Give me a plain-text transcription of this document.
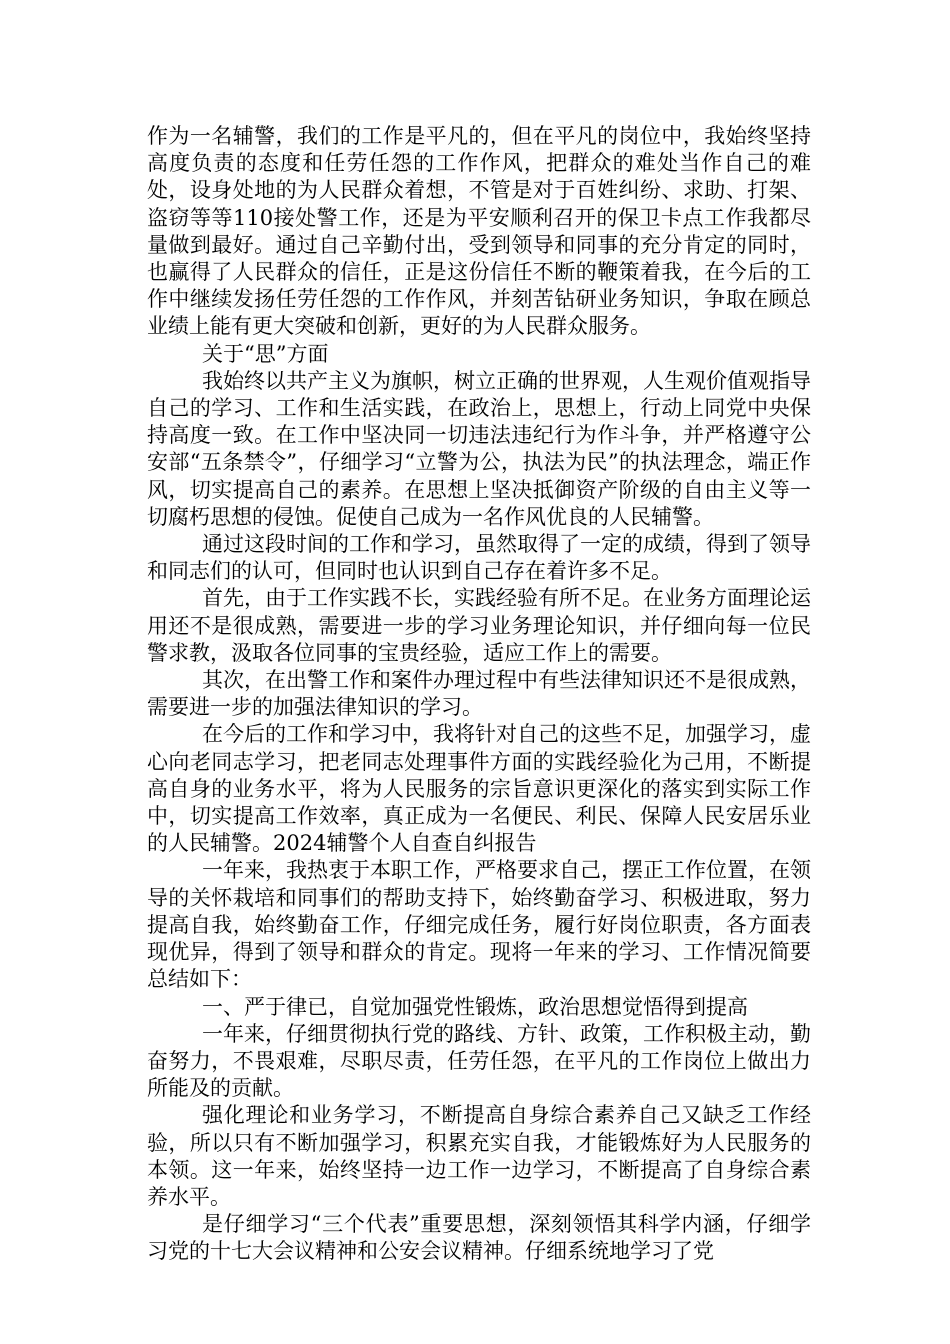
作为一名辅警，我们的工作是平凡的，但在平凡的岗位中，我始终坚持高度负责的态度和任劳任怨的工作作风，把群众的难处当作自己的难处，设身处地的为人民群众着想，不管是对于百姓纠纷、求助、打架、盗窃等等110接处警工作，还是为平安顺利召开的保卫卡点工作我都尽量做到最好。通过自己辛勤付出，受到领导和同事的充分肯定的同时，也赢得了人民群众的信任，正是这份信任不断的鞭策着我，在今后的工作中继续发扬任劳任怨的工作作风，并刻苦钻研业务知识，争取在顾总业绩上能有更大突破和创新，更好的为人民群众服务。

关于“思”方面

我始终以共产主义为旗帜，树立正确的世界观，人生观价值观指导自己的学习、工作和生活实践，在政治上，思想上，行动上同党中央保持高度一致。在工作中坚决同一切违法违纪行为作斗争，并严格遵守公安部“五条禁令”，仔细学习“立警为公，执法为民”的执法理念，端正作风，切实提高自己的素养。在思想上坚决抵御资产阶级的自由主义等一切腐朽思想的侵蚀。促使自己成为一名作风优良的人民辅警。

通过这段时间的工作和学习，虽然取得了一定的成绩，得到了领导和同志们的认可，但同时也认识到自己存在着许多不足。

首先，由于工作实践不长，实践经验有所不足。在业务方面理论运用还不是很成熟，需要进一步的学习业务理论知识，并仔细向每一位民警求教，汲取各位同事的宝贵经验，适应工作上的需要。

其次，在出警工作和案件办理过程中有些法律知识还不是很成熟，需要进一步的加强法律知识的学习。

在今后的工作和学习中，我将针对自己的这些不足，加强学习，虚心向老同志学习，把老同志处理事件方面的实践经验化为己用，不断提高自身的业务水平，将为人民服务的宗旨意识更深化的落实到实际工作中，切实提高工作效率，真正成为一名便民、利民、保障人民安居乐业的人民辅警。2024辅警个人自查自纠报告

一年来，我热衷于本职工作，严格要求自己，摆正工作位置，在领导的关怀栽培和同事们的帮助支持下，始终勤奋学习、积极进取，努力提高自我，始终勤奋工作，仔细完成任务，履行好岗位职责，各方面表现优异，得到了领导和群众的肯定。现将一年来的学习、工作情况简要总结如下：

一、严于律已，自觉加强党性锻炼，政治思想觉悟得到提高

一年来，仔细贯彻执行党的路线、方针、政策，工作积极主动，勤奋努力，不畏艰难，尽职尽责，任劳任怨，在平凡的工作岗位上做出力所能及的贡献。

强化理论和业务学习，不断提高自身综合素养自己又缺乏工作经验，所以只有不断加强学习，积累充实自我，才能锻炼好为人民服务的本领。这一年来，始终坚持一边工作一边学习，不断提高了自身综合素养水平。

是仔细学习“三个代表”重要思想，深刻领悟其科学内涵，仔细学习党的十七大会议精神和公安会议精神。仔细系统地学习了党
